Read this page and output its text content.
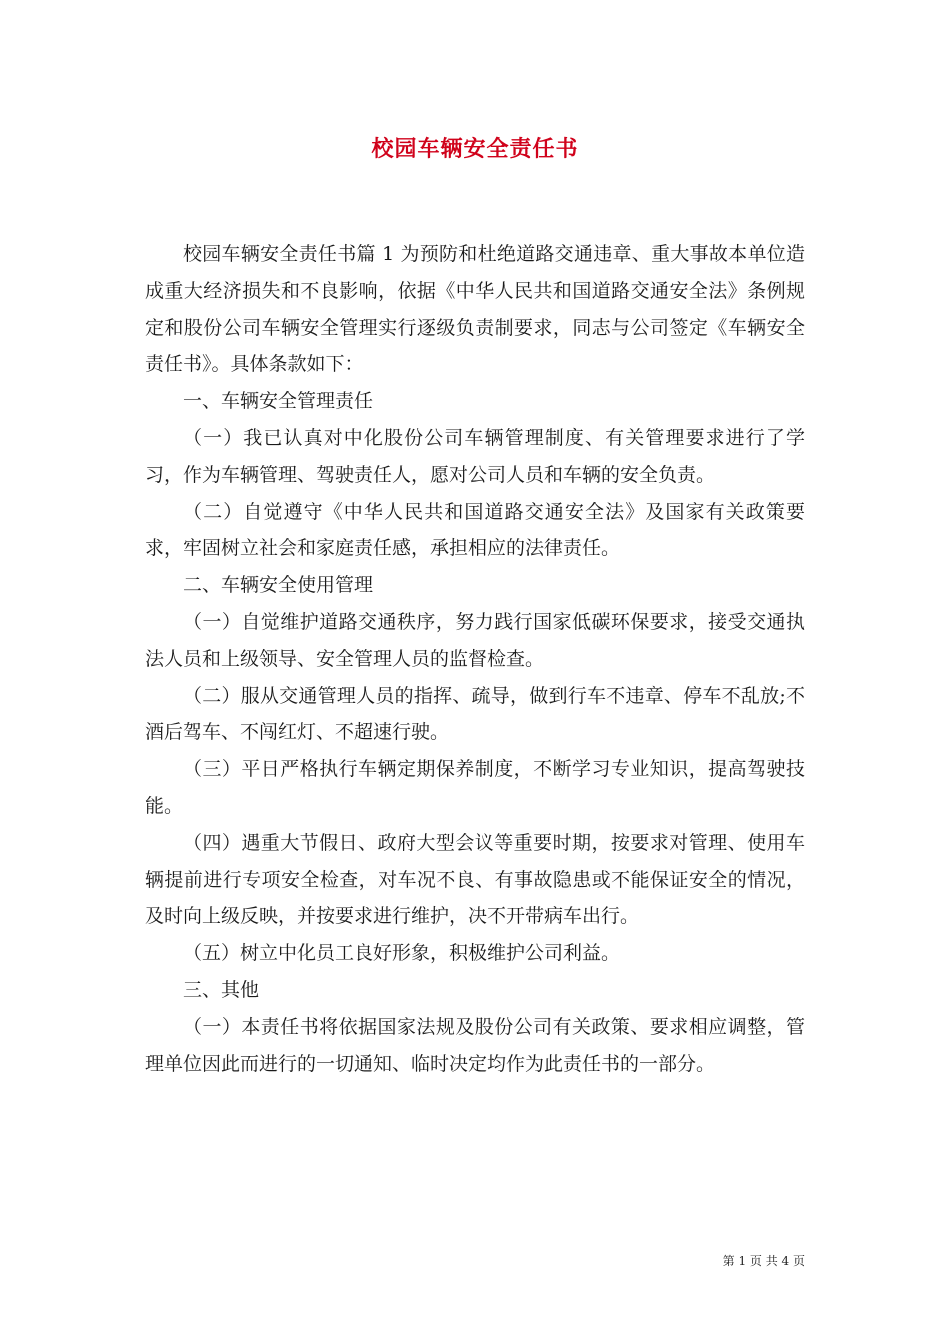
校园车辆安全责任书

校园车辆安全责任书篇 1 为预防和杜绝道路交通违章、重大事故本单位造成重大经济损失和不良影响，依据《中华人民共和国道路交通安全法》条例规定和股份公司车辆安全管理实行逐级负责制要求，同志与公司签定《车辆安全责任书》。具体条款如下：

一、车辆安全管理责任

（一）我已认真对中化股份公司车辆管理制度、有关管理要求进行了学习，作为车辆管理、驾驶责任人，愿对公司人员和车辆的安全负责。

（二）自觉遵守《中华人民共和国道路交通安全法》及国家有关政策要求，牢固树立社会和家庭责任感，承担相应的法律责任。

二、车辆安全使用管理

（一）自觉维护道路交通秩序，努力践行国家低碳环保要求，接受交通执法人员和上级领导、安全管理人员的监督检查。

（二）服从交通管理人员的指挥、疏导，做到行车不违章、停车不乱放;不酒后驾车、不闯红灯、不超速行驶。

（三）平日严格执行车辆定期保养制度，不断学习专业知识，提高驾驶技能。

（四）遇重大节假日、政府大型会议等重要时期，按要求对管理、使用车辆提前进行专项安全检查，对车况不良、有事故隐患或不能保证安全的情况，及时向上级反映，并按要求进行维护，决不开带病车出行。

（五）树立中化员工良好形象，积极维护公司利益。

三、其他

（一）本责任书将依据国家法规及股份公司有关政策、要求相应调整，管理单位因此而进行的一切通知、临时决定均作为此责任书的一部分。

第 1 页 共 4 页
